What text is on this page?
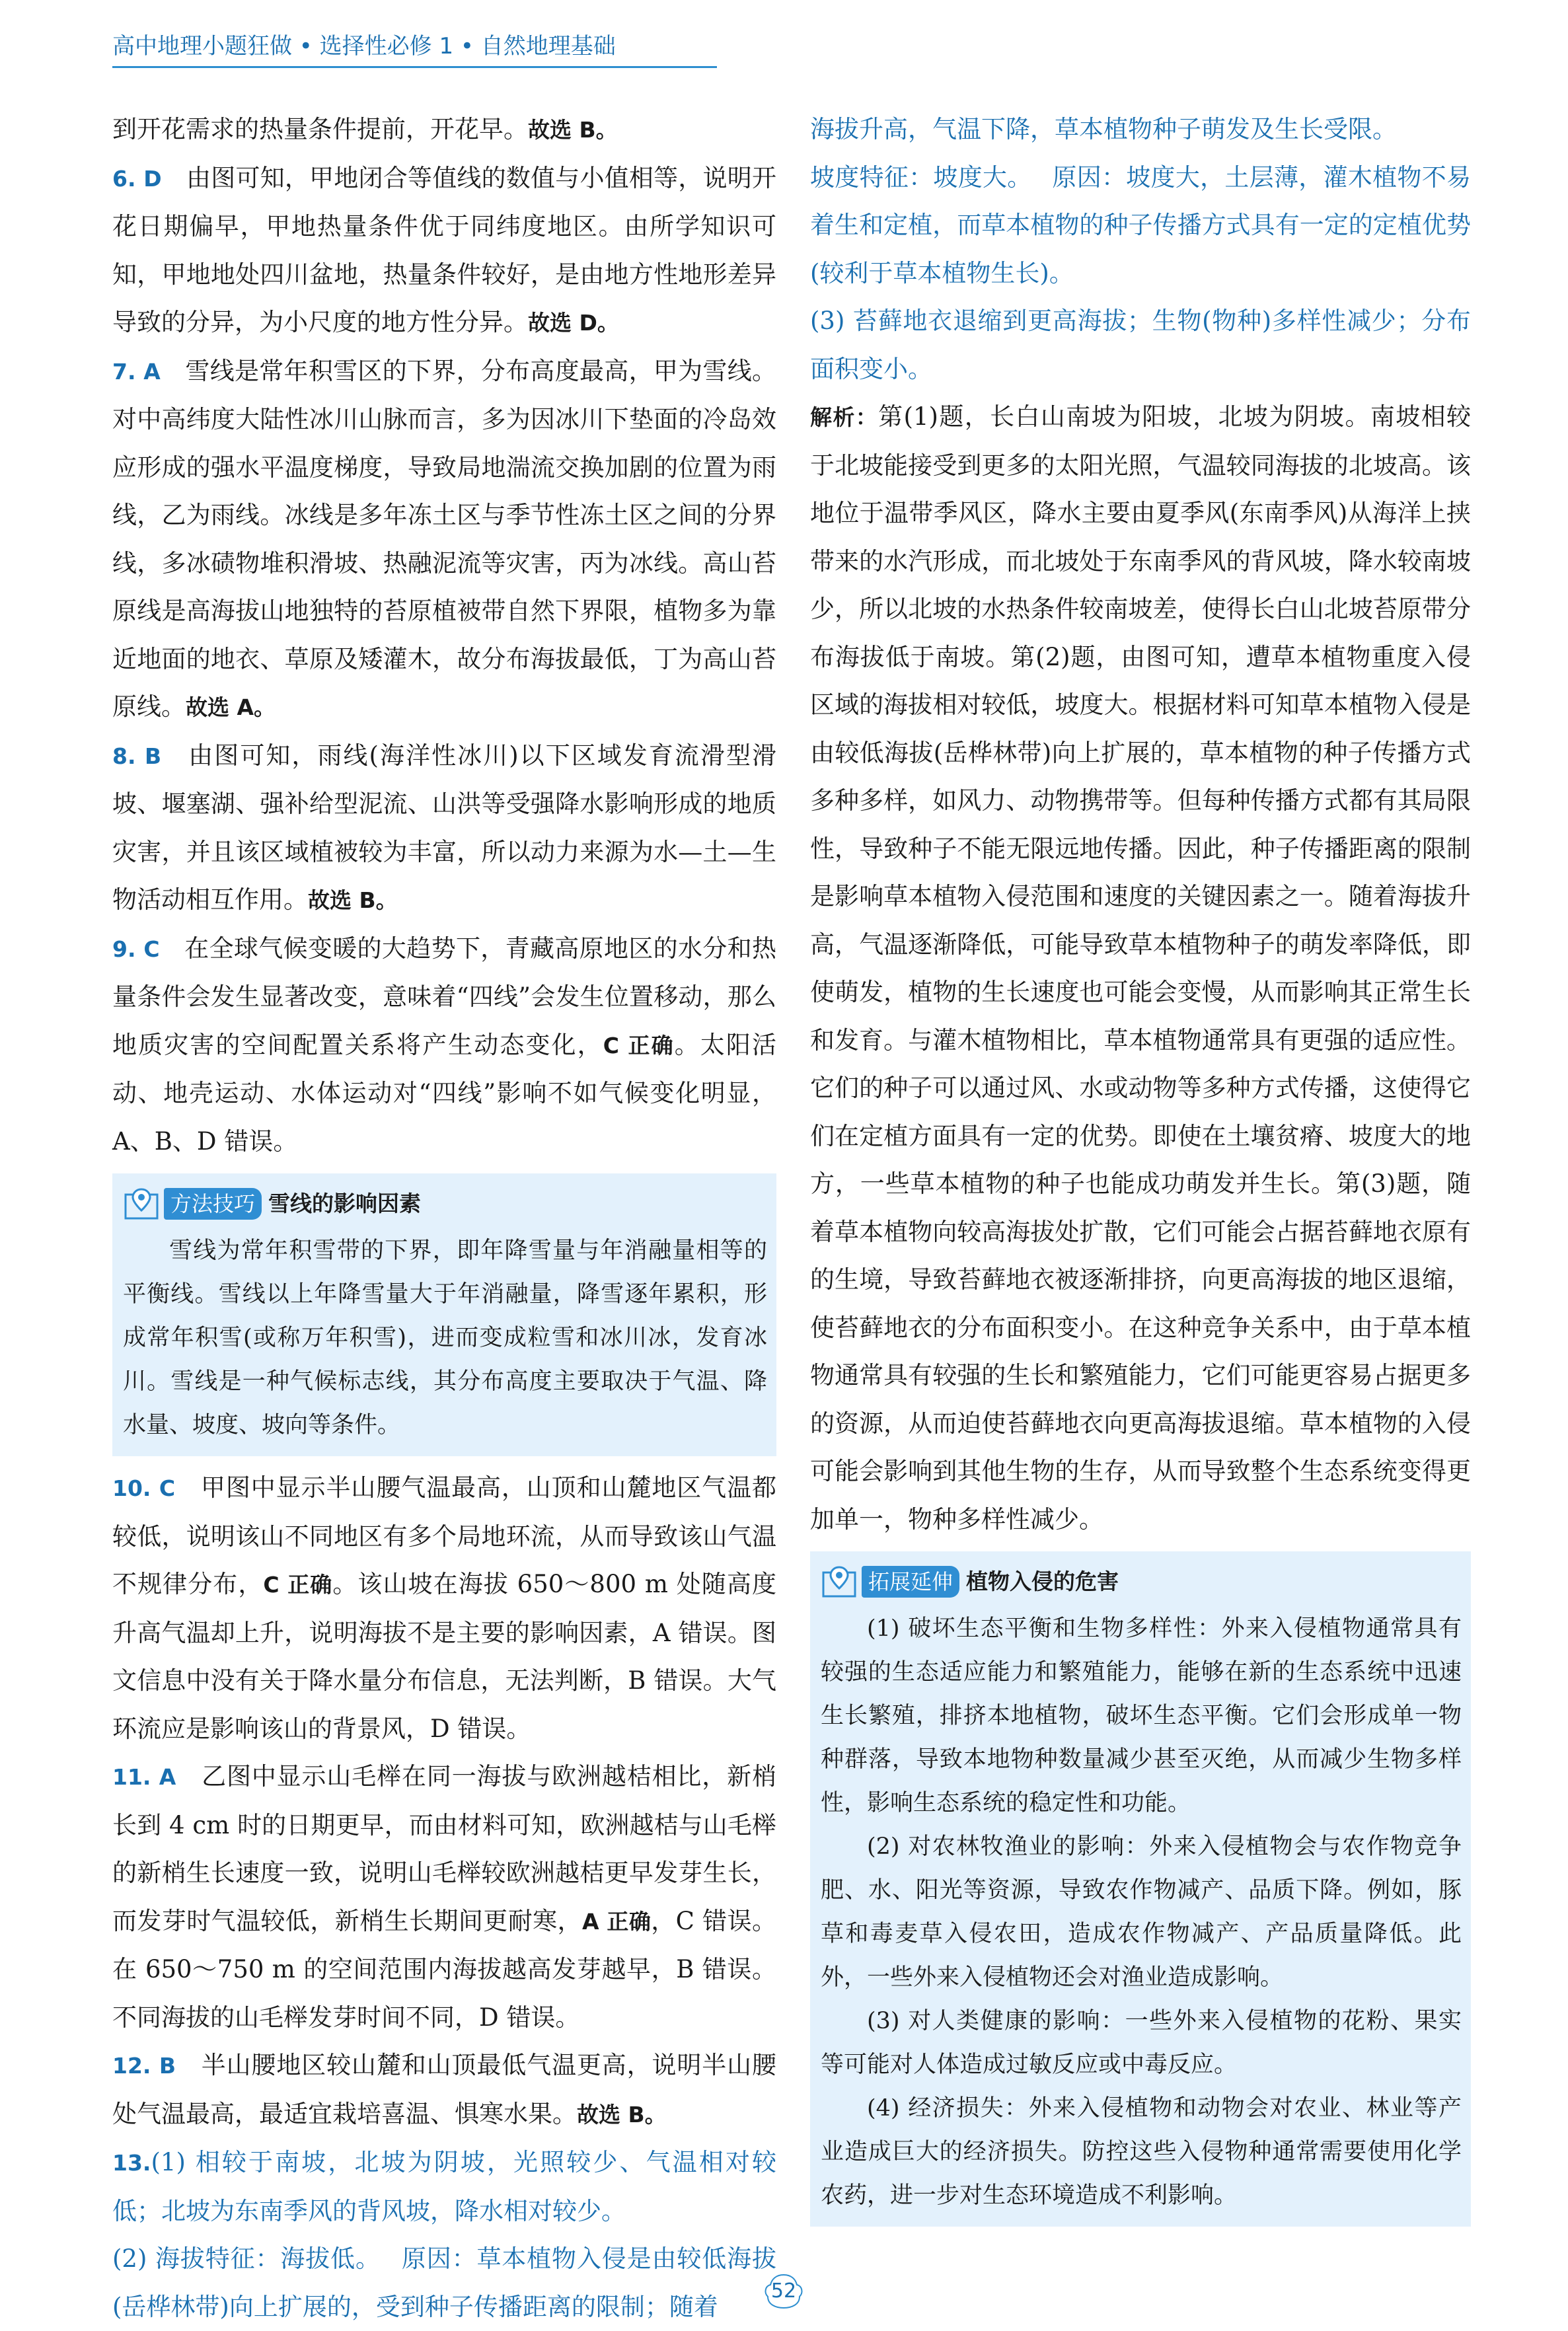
高中地理小题狂做 • 选择性必修 1 • 自然地理基础

到开花需求的热量条件提前，开花早。故选 B。

6. D　 由图可知，甲地闭合等值线的数值与小值相等，说明开花日期偏早，甲地热量条件优于同纬度地区。由所学知识可知，甲地地处四川盆地，热量条件较好，是由地方性地形差异导致的分异，为小尺度的地方性分异。故选 D。

7. A　 雪线是常年积雪区的下界，分布高度最高，甲为雪线。对中高纬度大陆性冰川山脉而言，多为因冰川下垫面的冷岛效应形成的强水平温度梯度，导致局地湍流交换加剧的位置为雨线，乙为雨线。冰线是多年冻土区与季节性冻土区之间的分界线，多冰碛物堆积滑坡、热融泥流等灾害，丙为冰线。高山苔原线是高海拔山地独特的苔原植被带自然下界限，植物多为靠近地面的地衣、草原及矮灌木，故分布海拔最低，丁为高山苔原线。故选 A。

8. B　 由图可知，雨线(海洋性冰川)以下区域发育流滑型滑坡、堰塞湖、强补给型泥流、山洪等受强降水影响形成的地质灾害，并且该区域植被较为丰富，所以动力来源为水—土—生物活动相互作用。故选 B。

9. C　 在全球气候变暖的大趋势下，青藏高原地区的水分和热量条件会发生显著改变，意味着“四线”会发生位置移动，那么地质灾害的空间配置关系将产生动态变化，C 正确。太阳活动、地壳运动、水体运动对“四线”影响不如气候变化明显，A、B、D 错误。

方法技巧 雪线的影响因素

雪线为常年积雪带的下界，即年降雪量与年消融量相等的平衡线。雪线以上年降雪量大于年消融量，降雪逐年累积，形成常年积雪(或称万年积雪)，进而变成粒雪和冰川冰，发育冰川。雪线是一种气候标志线，其分布高度主要取决于气温、降水量、坡度、坡向等条件。

10. C　 甲图中显示半山腰气温最高，山顶和山麓地区气温都较低，说明该山不同地区有多个局地环流，从而导致该山气温不规律分布，C 正确。该山坡在海拔 650～800 m 处随高度升高气温却上升，说明海拔不是主要的影响因素，A 错误。图文信息中没有关于降水量分布信息，无法判断，B 错误。大气环流应是影响该山的背景风，D 错误。

11. A　 乙图中显示山毛榉在同一海拔与欧洲越桔相比，新梢长到 4 cm 时的日期更早，而由材料可知，欧洲越桔与山毛榉的新梢生长速度一致，说明山毛榉较欧洲越桔更早发芽生长，而发芽时气温较低，新梢生长期间更耐寒，A 正确，C 错误。在 650～750 m 的空间范围内海拔越高发芽越早，B 错误。不同海拔的山毛榉发芽时间不同，D 错误。

12. B　 半山腰地区较山麓和山顶最低气温更高，说明半山腰处气温最高，最适宜栽培喜温、惧寒水果。故选 B。

13.(1) 相较于南坡，北坡为阴坡，光照较少、气温相对较低；北坡为东南季风的背风坡，降水相对较少。

(2) 海拔特征：海拔低。　 原因：草本植物入侵是由较低海拔(岳桦林带)向上扩展的，受到种子传播距离的限制；随着

海拔升高，气温下降，草本植物种子萌发及生长受限。

坡度特征：坡度大。　 原因：坡度大，土层薄，灌木植物不易着生和定植，而草本植物的种子传播方式具有一定的定植优势(较利于草本植物生长)。

(3) 苔藓地衣退缩到更高海拔；生物(物种)多样性减少；分布面积变小。

解析：第(1)题，长白山南坡为阳坡，北坡为阴坡。南坡相较于北坡能接受到更多的太阳光照，气温较同海拔的北坡高。该地位于温带季风区，降水主要由夏季风(东南季风)从海洋上挟带来的水汽形成，而北坡处于东南季风的背风坡，降水较南坡少，所以北坡的水热条件较南坡差，使得长白山北坡苔原带分布海拔低于南坡。第(2)题，由图可知，遭草本植物重度入侵区域的海拔相对较低，坡度大。根据材料可知草本植物入侵是由较低海拔(岳桦林带)向上扩展的，草本植物的种子传播方式多种多样，如风力、动物携带等。但每种传播方式都有其局限性，导致种子不能无限远地传播。因此，种子传播距离的限制是影响草本植物入侵范围和速度的关键因素之一。随着海拔升高，气温逐渐降低，可能导致草本植物种子的萌发率降低，即使萌发，植物的生长速度也可能会变慢，从而影响其正常生长和发育。与灌木植物相比，草本植物通常具有更强的适应性。它们的种子可以通过风、水或动物等多种方式传播，这使得它们在定植方面具有一定的优势。即使在土壤贫瘠、坡度大的地方，一些草本植物的种子也能成功萌发并生长。第(3)题，随着草本植物向较高海拔处扩散，它们可能会占据苔藓地衣原有的生境，导致苔藓地衣被逐渐排挤，向更高海拔的地区退缩，使苔藓地衣的分布面积变小。在这种竞争关系中，由于草本植物通常具有较强的生长和繁殖能力，它们可能更容易占据更多的资源，从而迫使苔藓地衣向更高海拔退缩。草本植物的入侵可能会影响到其他生物的生存，从而导致整个生态系统变得更加单一，物种多样性减少。

拓展延伸 植物入侵的危害

(1) 破坏生态平衡和生物多样性：外来入侵植物通常具有较强的生态适应能力和繁殖能力，能够在新的生态系统中迅速生长繁殖，排挤本地植物，破坏生态平衡。它们会形成单一物种群落，导致本地物种数量减少甚至灭绝，从而减少生物多样性，影响生态系统的稳定性和功能。

(2) 对农林牧渔业的影响：外来入侵植物会与农作物竞争肥、水、阳光等资源，导致农作物减产、品质下降。例如，豚草和毒麦草入侵农田，造成农作物减产、产品质量降低。此外，一些外来入侵植物还会对渔业造成影响。

(3) 对人类健康的影响：一些外来入侵植物的花粉、果实等可能对人体造成过敏反应或中毒反应。

(4) 经济损失：外来入侵植物和动物会对农业、林业等产业造成巨大的经济损失。防控这些入侵物种通常需要使用化学农药，进一步对生态环境造成不利影响。

52
